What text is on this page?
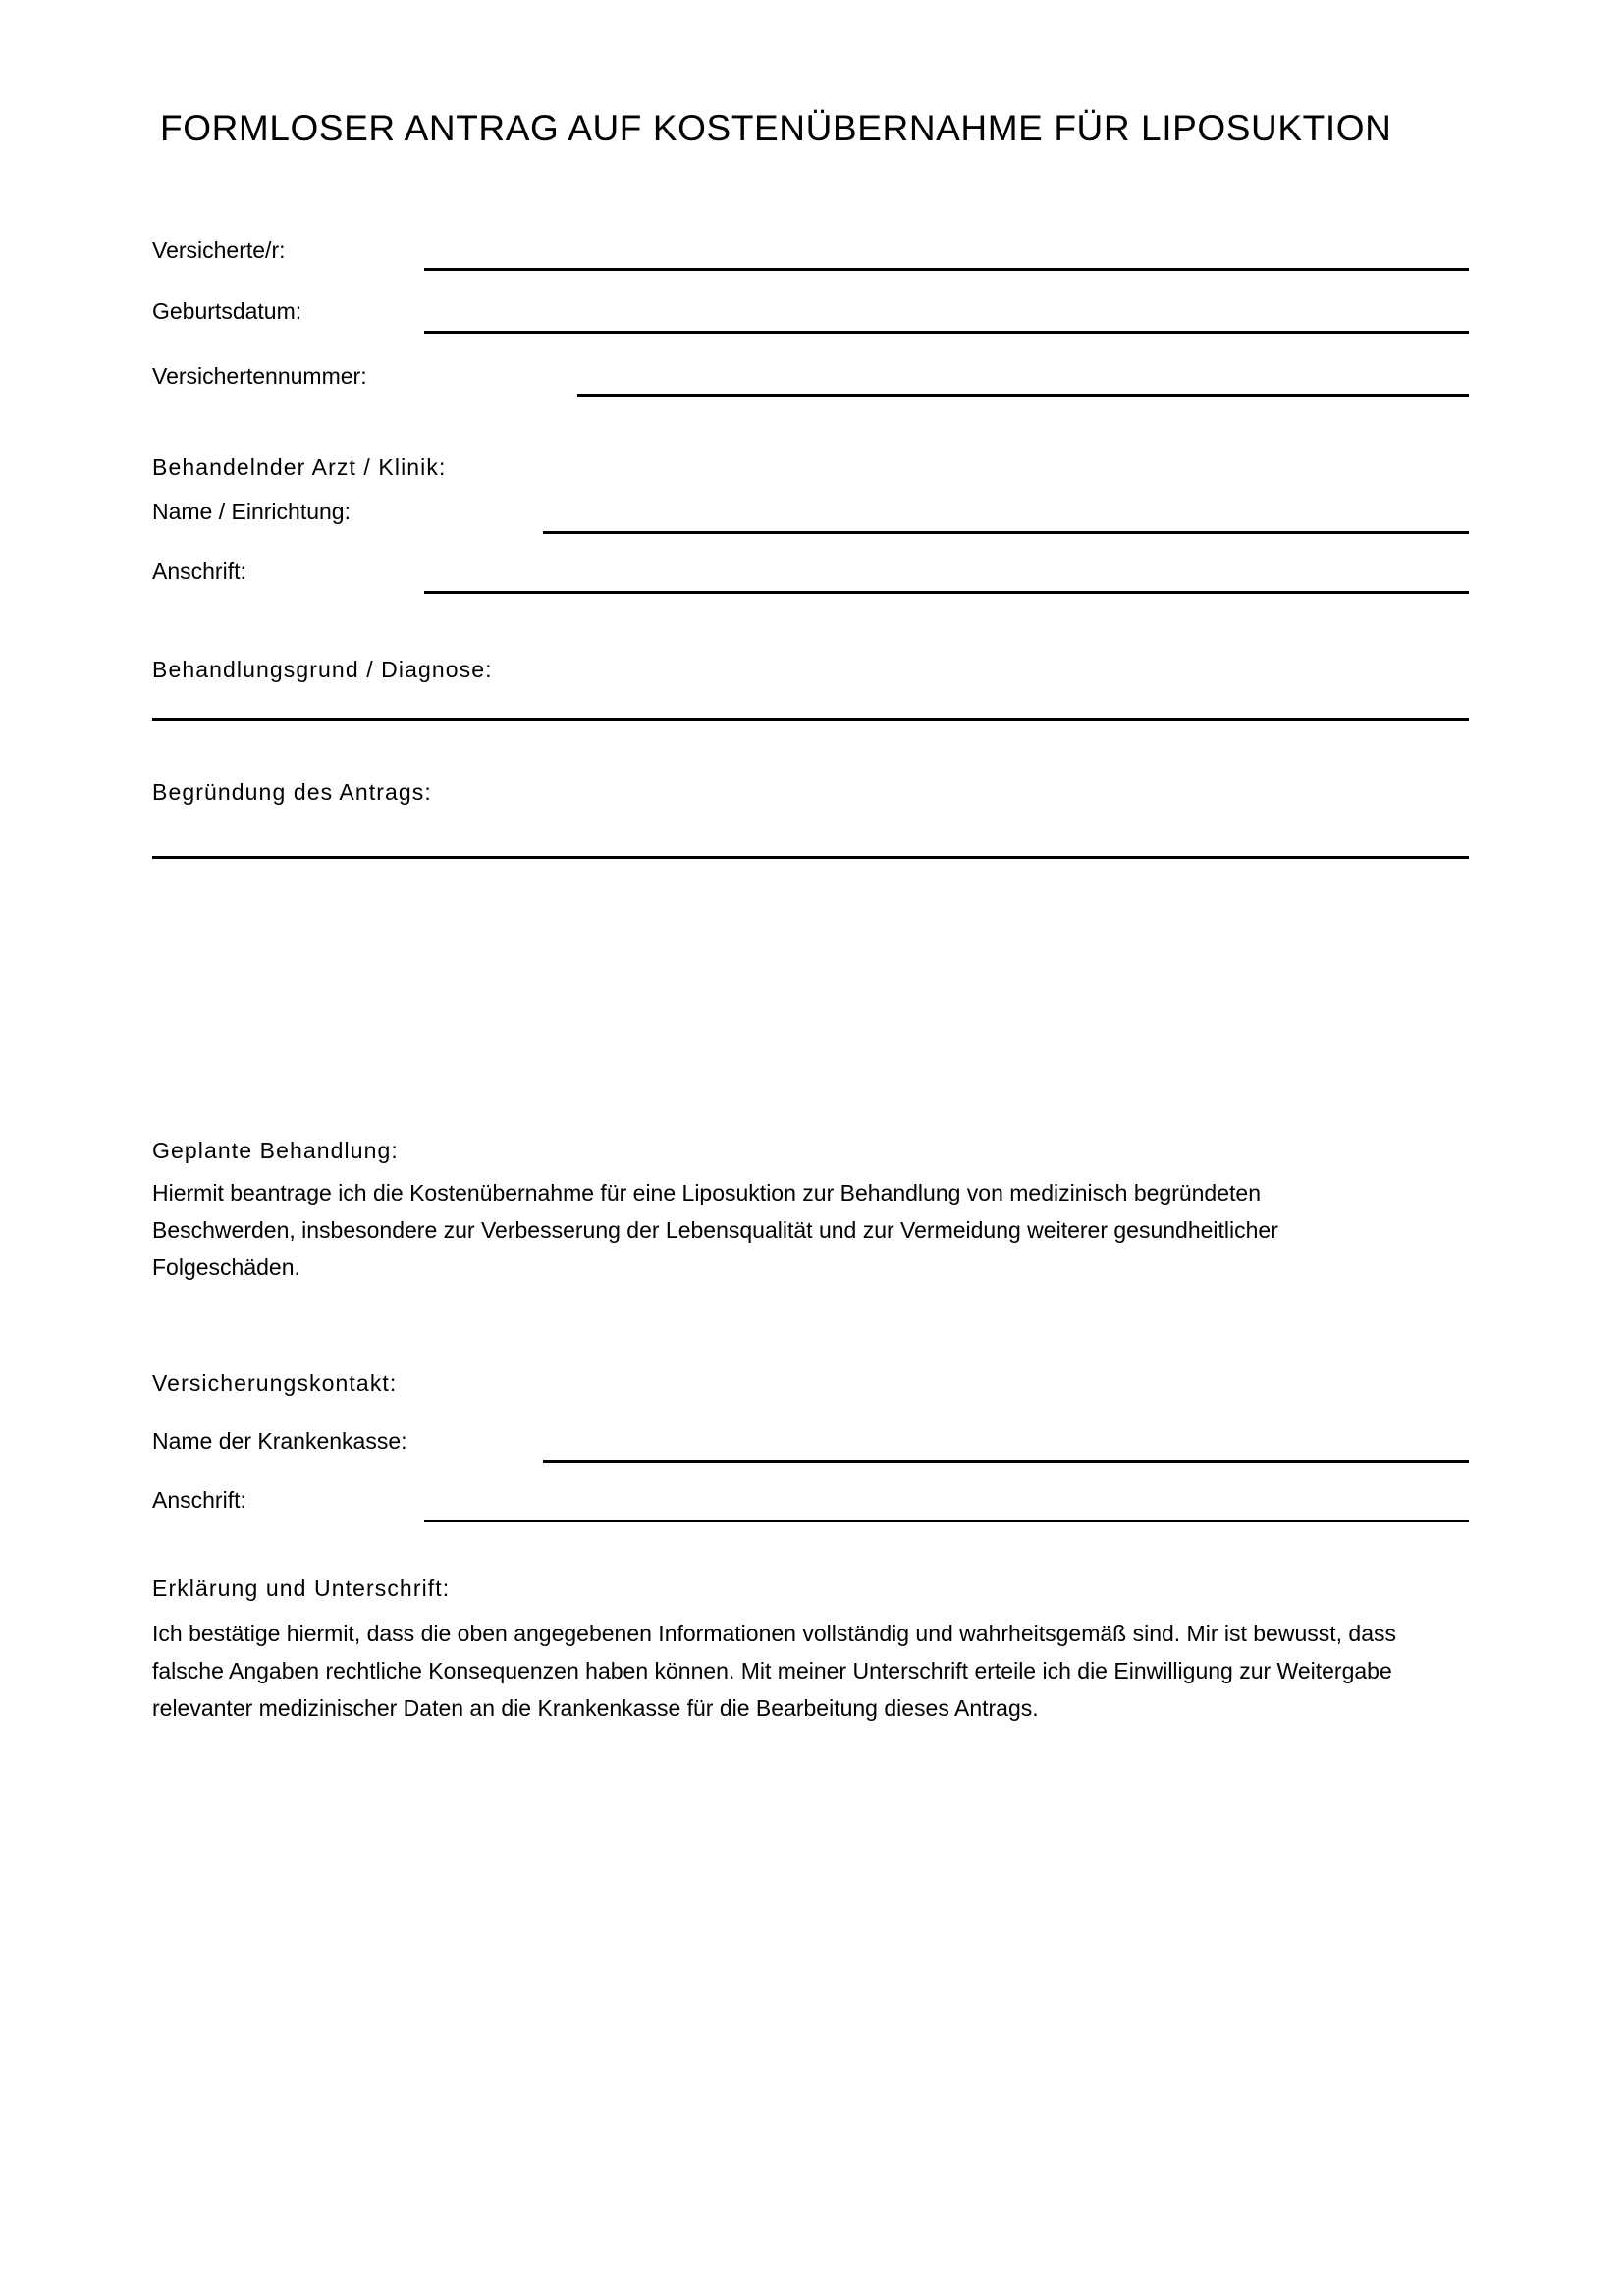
FORMLOSER ANTRAG AUF KOSTENÜBERNAHME FÜR LIPOSUKTION
Versicherte/r:
Geburtsdatum:
Versichertennummer:
Behandelnder Arzt / Klinik:
Name / Einrichtung:
Anschrift:
Behandlungsgrund / Diagnose:
Begründung des Antrags:
Geplante Behandlung:

Hiermit beantrage ich die Kostenübernahme für eine Liposuktion zur Behandlung von medizinisch begründeten Beschwerden, insbesondere zur Verbesserung der Lebensqualität und zur Vermeidung weiterer gesundheitlicher Folgeschäden.

Versicherungskontakt:
Name der Krankenkasse:
Anschrift:
Erklärung und Unterschrift:

Ich bestätige hiermit, dass die oben angegebenen Informationen vollständig und wahrheitsgemäß sind. Mir ist bewusst, dass falsche Angaben rechtliche Konsequenzen haben können. Mit meiner Unterschrift erteile ich die Einwilligung zur Weitergabe relevanter medizinischer Daten an die Krankenkasse für die Bearbeitung dieses Antrags.
